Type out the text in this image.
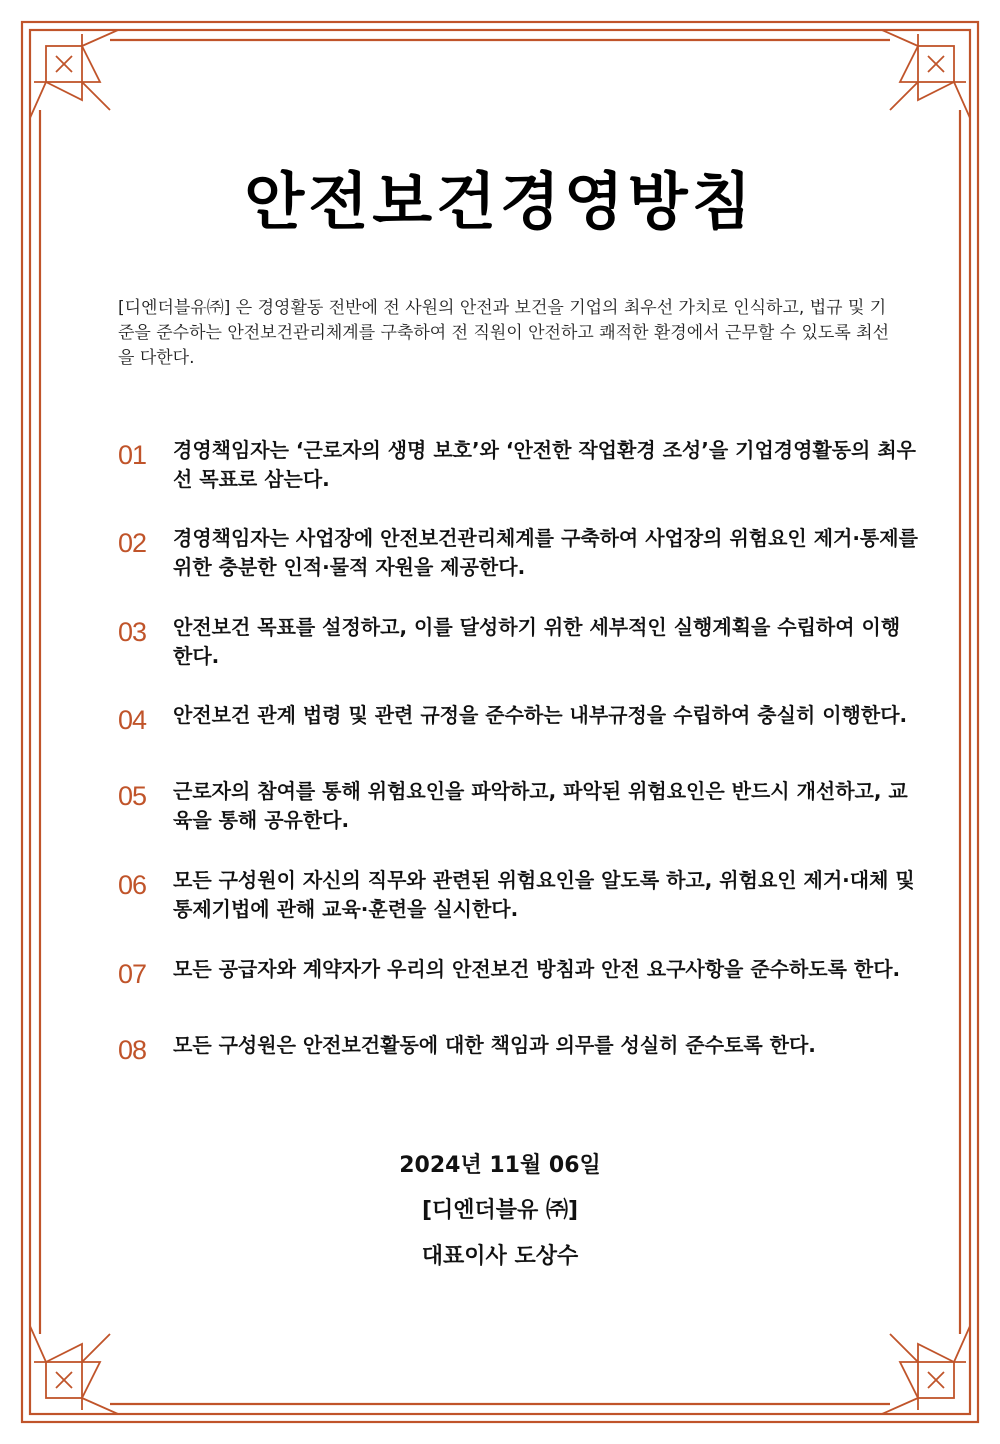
안전보건경영방침
[디엔더블유㈜] 은 경영활동 전반에 전 사원의 안전과 보건을 기업의 최우선 가치로 인식하고, 법규 및 기준을 준수하는 안전보건관리체계를 구축하여 전 직원이 안전하고 쾌적한 환경에서 근무할 수 있도록 최선을 다한다.
01 경영책임자는 ‘근로자의 생명 보호’와 ‘안전한 작업환경 조성’을 기업경영활동의 최우선 목표로 삼는다.
02 경영책임자는 사업장에 안전보건관리체계를 구축하여 사업장의 위험요인 제거·통제를 위한 충분한 인적·물적 자원을 제공한다.
03 안전보건 목표를 설정하고, 이를 달성하기 위한 세부적인 실행계획을 수립하여 이행한다.
04 안전보건 관계 법령 및 관련 규정을 준수하는 내부규정을 수립하여 충실히 이행한다.
05 근로자의 참여를 통해 위험요인을 파악하고, 파악된 위험요인은 반드시 개선하고, 교육을 통해 공유한다.
06 모든 구성원이 자신의 직무와 관련된 위험요인을 알도록 하고, 위험요인 제거·대체 및 통제기법에 관해 교육·훈련을 실시한다.
07 모든 공급자와 계약자가 우리의 안전보건 방침과 안전 요구사항을 준수하도록 한다.
08 모든 구성원은 안전보건활동에 대한 책임과 의무를 성실히 준수토록 한다.
2024년 11월 06일
[디엔더블유 ㈜]
대표이사 도상수
